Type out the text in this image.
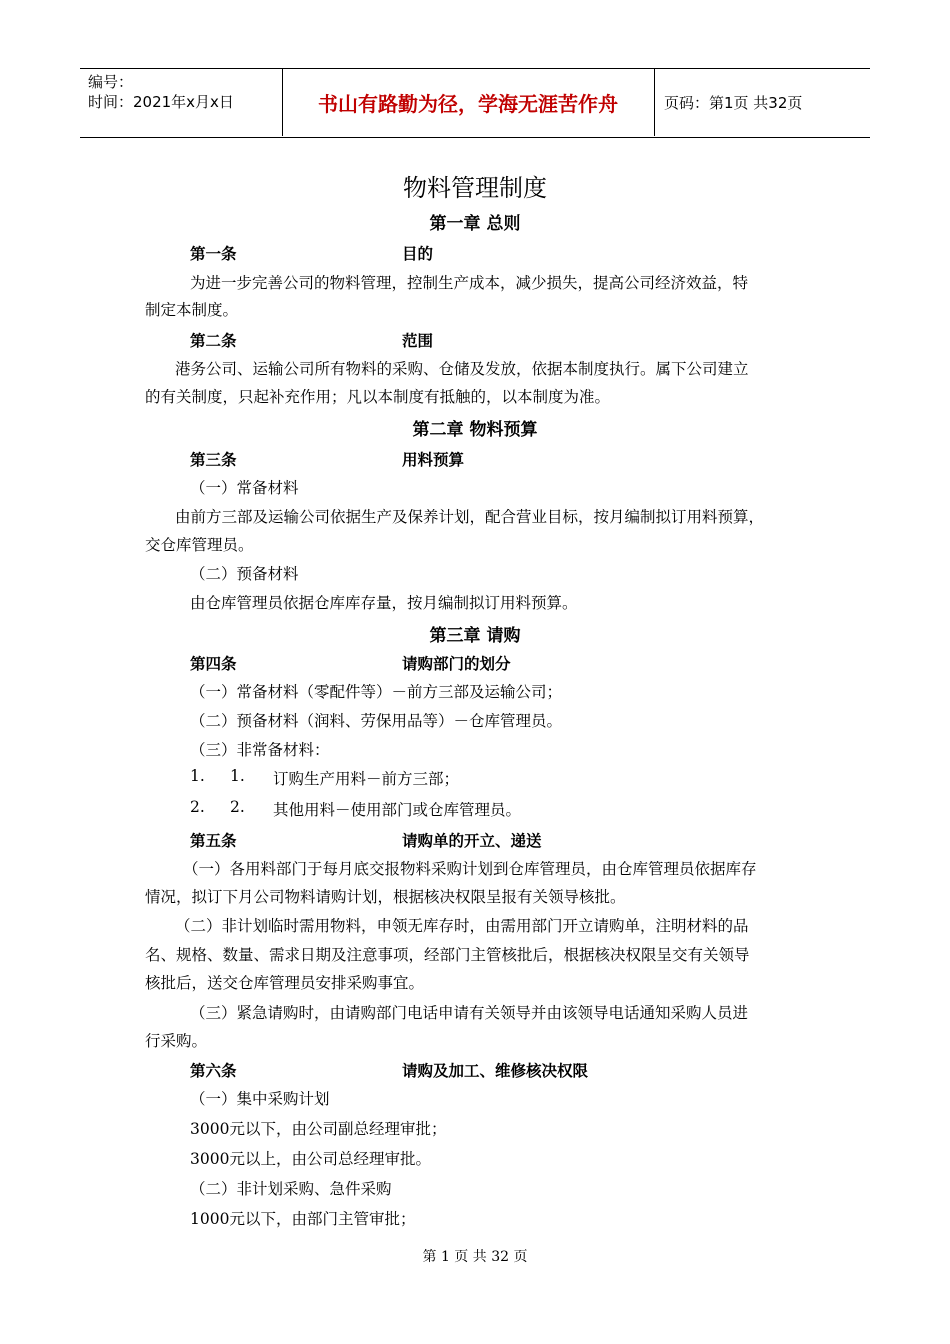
编号：
时间：2021年x月x日	书山有路勤为径，学海无涯苦作舟	页码：第1页 共32页
物料管理制度
第一章 总则
第一条	目的
为进一步完善公司的物料管理，控制生产成本，减少损失，提高公司经济效益，特
制定本制度。
第二条	范围
港务公司、运输公司所有物料的采购、仓储及发放，依据本制度执行。属下公司建立
的有关制度，只起补充作用；凡以本制度有抵触的，以本制度为准。
第二章 物料预算
第三条	用料预算
（一）常备材料
由前方三部及运输公司依据生产及保养计划，配合营业目标，按月编制拟订用料预算，
交仓库管理员。
（二）预备材料
由仓库管理员依据仓库库存量，按月编制拟订用料预算。
第三章 请购
第四条	请购部门的划分
（一）常备材料（零配件等）－前方三部及运输公司；
（二）预备材料（润料、劳保用品等）－仓库管理员。
（三）非常备材料：
1. 1. 订购生产用料－前方三部；
2. 2. 其他用料－使用部门或仓库管理员。
第五条	请购单的开立、递送
（一）各用料部门于每月底交报物料采购计划到仓库管理员，由仓库管理员依据库存
情况，拟订下月公司物料请购计划，根据核决权限呈报有关领导核批。
（二）非计划临时需用物料，申领无库存时，由需用部门开立请购单，注明材料的品
名、规格、数量、需求日期及注意事项，经部门主管核批后，根据核决权限呈交有关领导
核批后，送交仓库管理员安排采购事宜。
（三）紧急请购时，由请购部门电话申请有关领导并由该领导电话通知采购人员进
行采购。
第六条	请购及加工、维修核决权限
（一）集中采购计划
3000元以下，由公司副总经理审批；
3000元以上，由公司总经理审批。
（二）非计划采购、急件采购
1000元以下，由部门主管审批；
第 1 页 共 32 页
